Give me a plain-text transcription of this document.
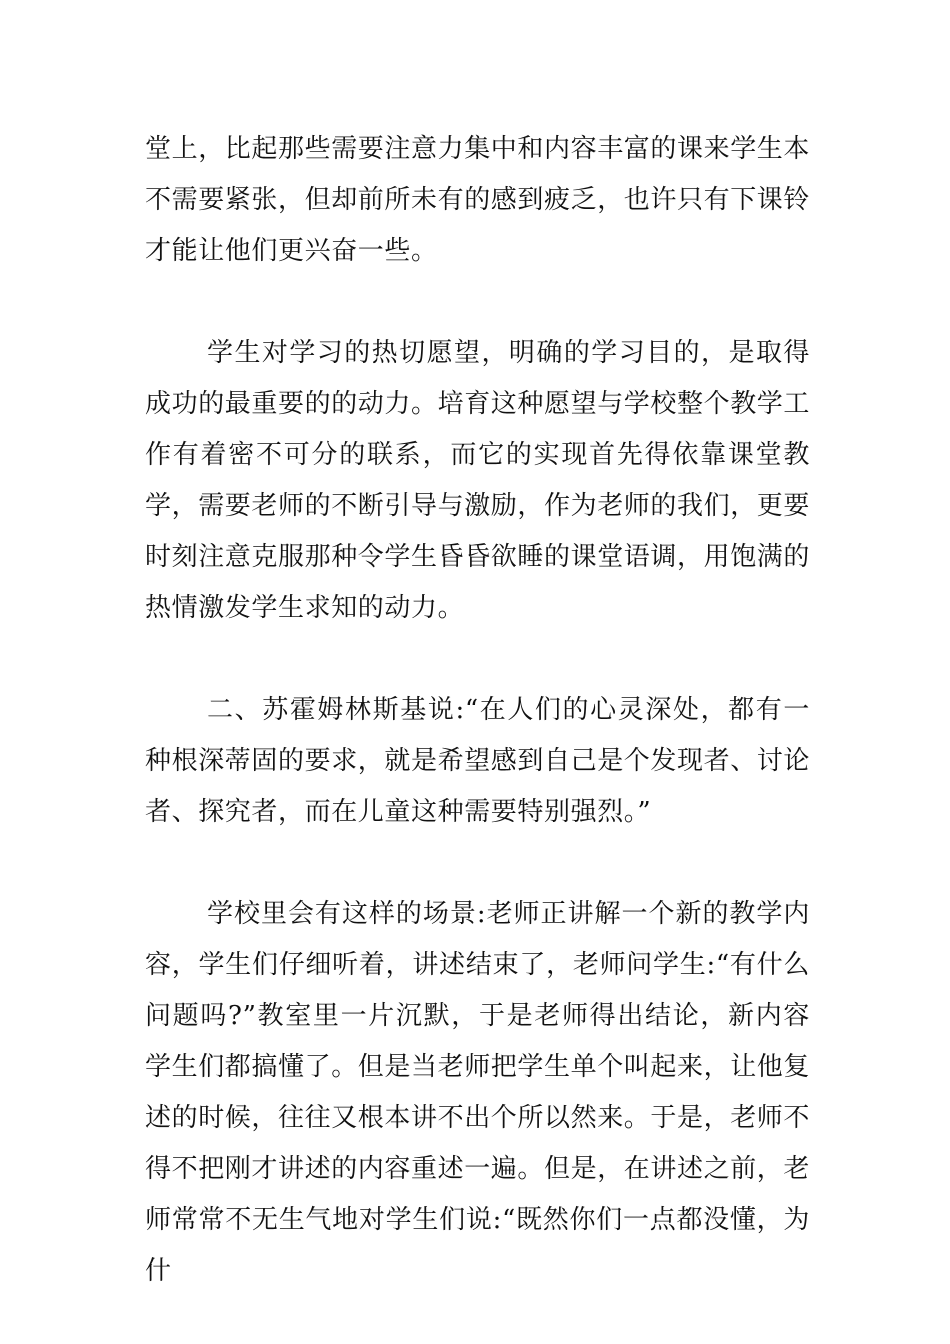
堂上，比起那些需要注意力集中和内容丰富的课来学生本不需要紧张，但却前所未有的感到疲乏，也许只有下课铃才能让他们更兴奋一些。

学生对学习的热切愿望，明确的学习目的，是取得成功的最重要的的动力。培育这种愿望与学校整个教学工作有着密不可分的联系，而它的实现首先得依靠课堂教学，需要老师的不断引导与激励，作为老师的我们，更要时刻注意克服那种令学生昏昏欲睡的课堂语调，用饱满的热情激发学生求知的动力。

二、苏霍姆林斯基说:“在人们的心灵深处，都有一种根深蒂固的要求，就是希望感到自己是个发现者、讨论者、探究者，而在儿童这种需要特别强烈。”

学校里会有这样的场景:老师正讲解一个新的教学内容，学生们仔细听着，讲述结束了，老师问学生:“有什么问题吗?”教室里一片沉默，于是老师得出结论，新内容学生们都搞懂了。但是当老师把学生单个叫起来，让他复述的时候，往往又根本讲不出个所以然来。于是，老师不得不把刚才讲述的内容重述一遍。但是，在讲述之前，老师常常不无生气地对学生们说:“既然你们一点都没懂，为什
